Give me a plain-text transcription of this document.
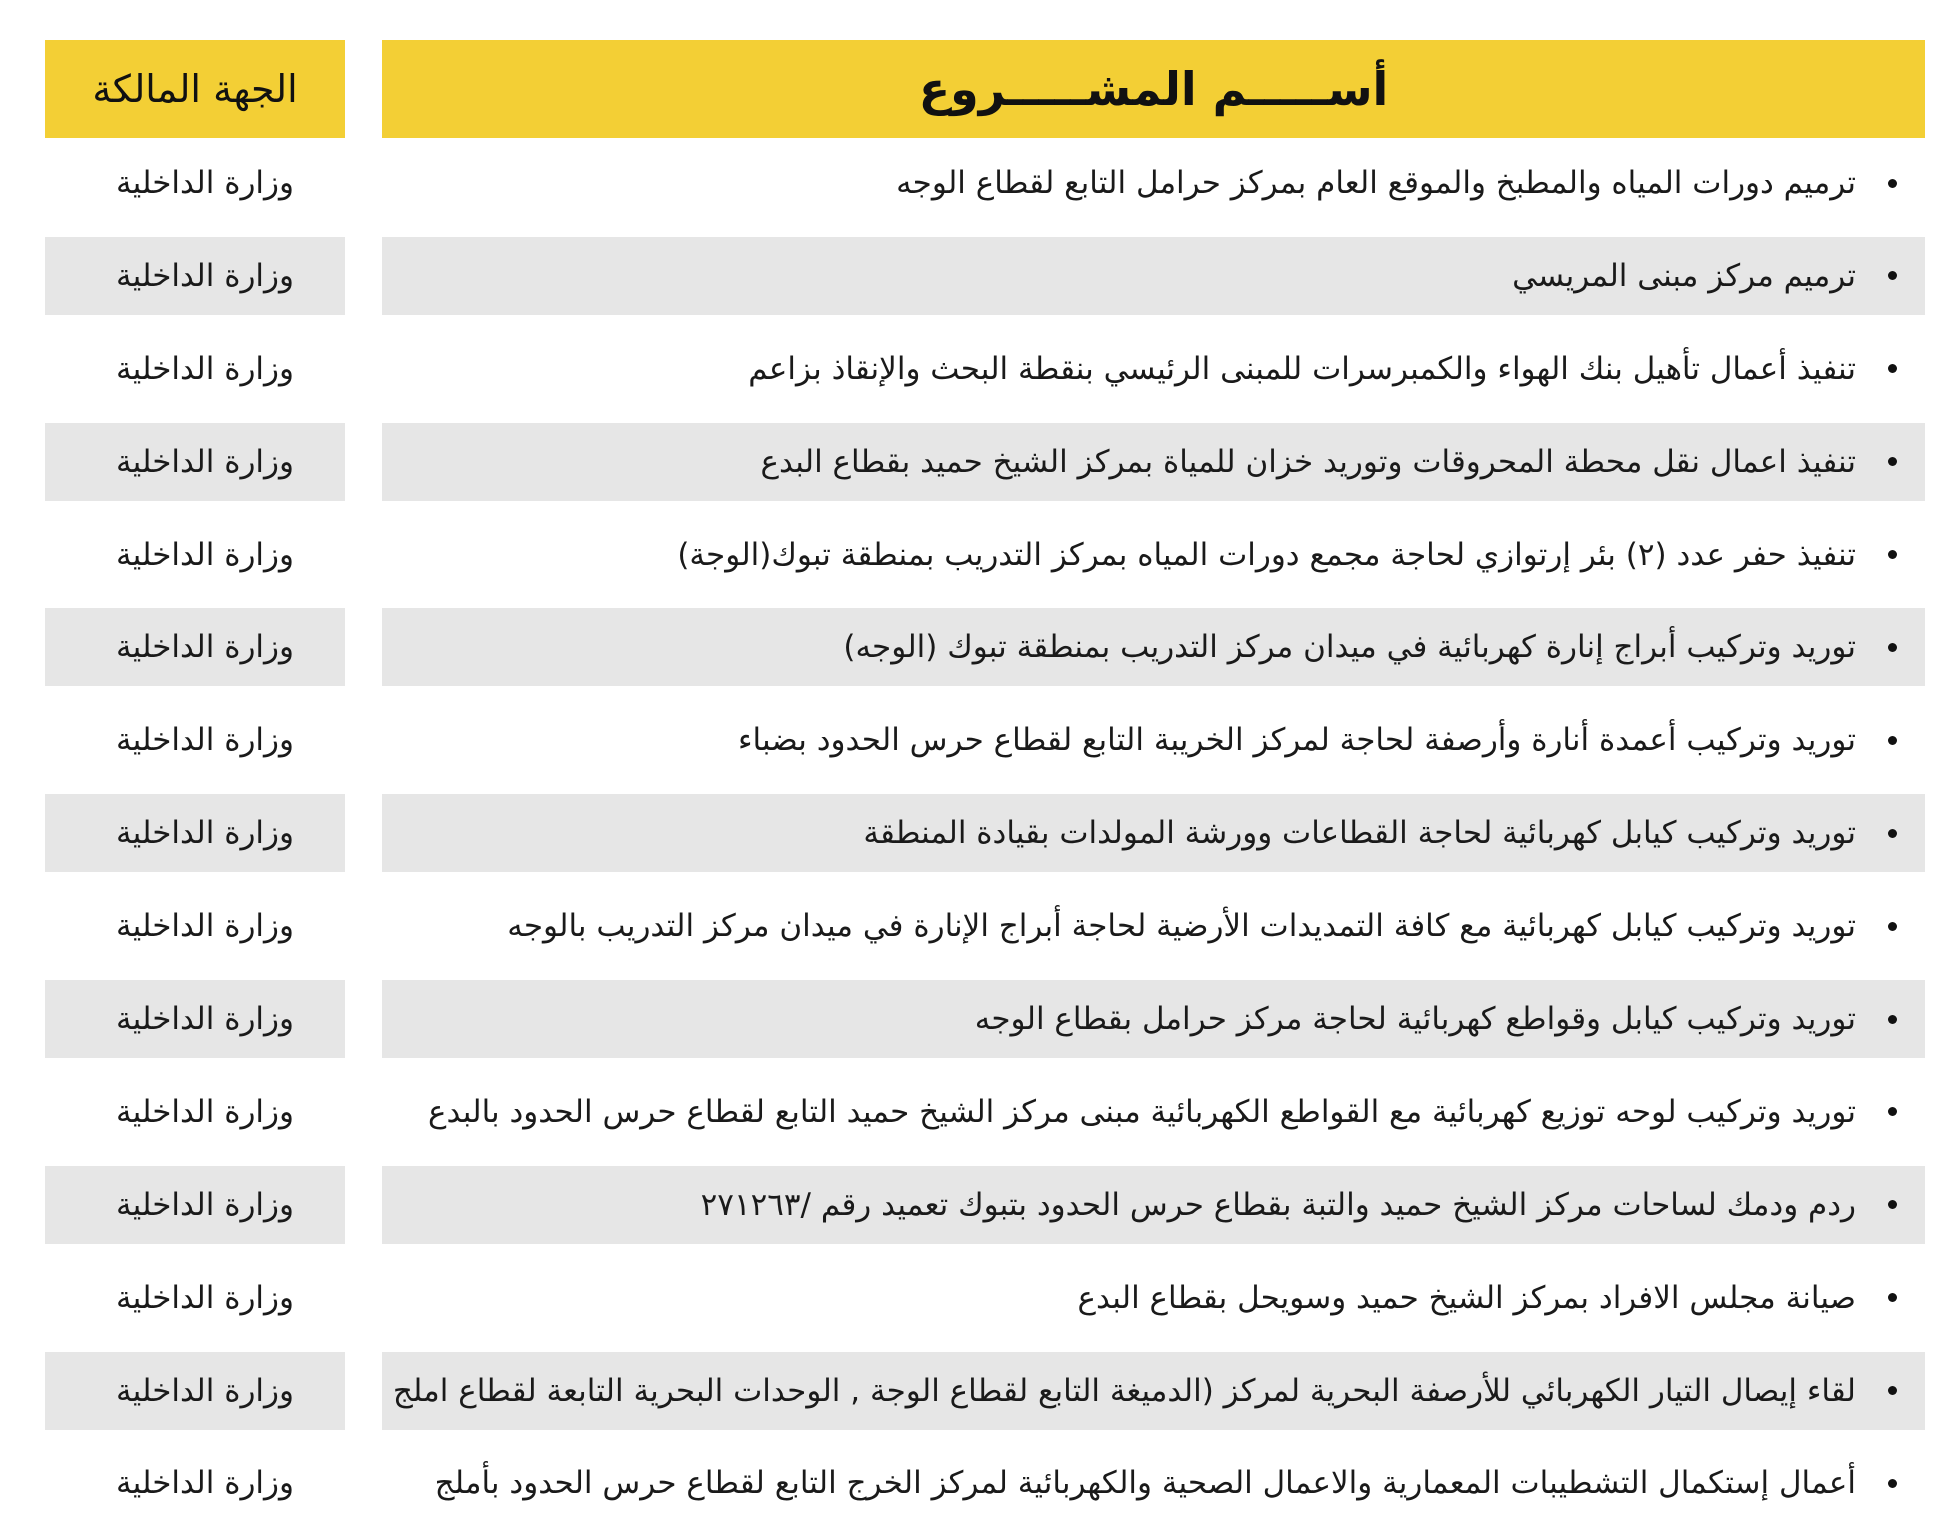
الجهة المالكة	أســـــم المشـــــروع
ترميم دورات المياه والمطبخ والموقع العام بمركز حرامل التابع لقطاع الوجه
وزارة الداخلية
ترميم مركز مبنى المريسي
وزارة الداخلية
تنفيذ أعمال تأهيل بنك الهواء والكمبرسرات للمبنى الرئيسي بنقطة البحث والإنقاذ بزاعم
وزارة الداخلية
تنفيذ اعمال نقل محطة المحروقات وتوريد خزان للمياة بمركز الشيخ حميد بقطاع البدع
وزارة الداخلية
تنفيذ حفر عدد (٢) بئر إرتوازي لحاجة مجمع دورات المياه بمركز التدريب بمنطقة تبوك(الوجة)
وزارة الداخلية
توريد وتركيب أبراج إنارة كهربائية في ميدان مركز التدريب بمنطقة تبوك (الوجه)
وزارة الداخلية
توريد وتركيب أعمدة أنارة وأرصفة لحاجة لمركز الخريبة التابع لقطاع حرس الحدود بضباء
وزارة الداخلية
توريد وتركيب كيابل كهربائية لحاجة القطاعات وورشة المولدات بقيادة المنطقة
وزارة الداخلية
توريد وتركيب كيابل كهربائية مع كافة التمديدات الأرضية لحاجة أبراج الإنارة في ميدان مركز التدريب بالوجه
وزارة الداخلية
توريد وتركيب كيابل وقواطع كهربائية لحاجة مركز حرامل بقطاع الوجه
وزارة الداخلية
توريد وتركيب لوحه توزيع كهربائية مع القواطع الكهربائية مبنى مركز الشيخ حميد التابع لقطاع حرس الحدود بالبدع
وزارة الداخلية
ردم ودمك لساحات مركز الشيخ حميد والتبة بقطاع حرس الحدود بتبوك تعميد رقم /٢٧١٢٦٣
وزارة الداخلية
صيانة مجلس الافراد بمركز الشيخ حميد وسويحل بقطاع البدع
وزارة الداخلية
لقاء إيصال التيار الكهربائي للأرصفة البحرية لمركز (الدميغة التابع لقطاع الوجة , الوحدات البحرية التابعة لقطاع املج
وزارة الداخلية
أعمال إستكمال التشطيبات المعمارية والاعمال الصحية والكهربائية لمركز الخرج التابع لقطاع حرس الحدود بأملج
وزارة الداخلية
